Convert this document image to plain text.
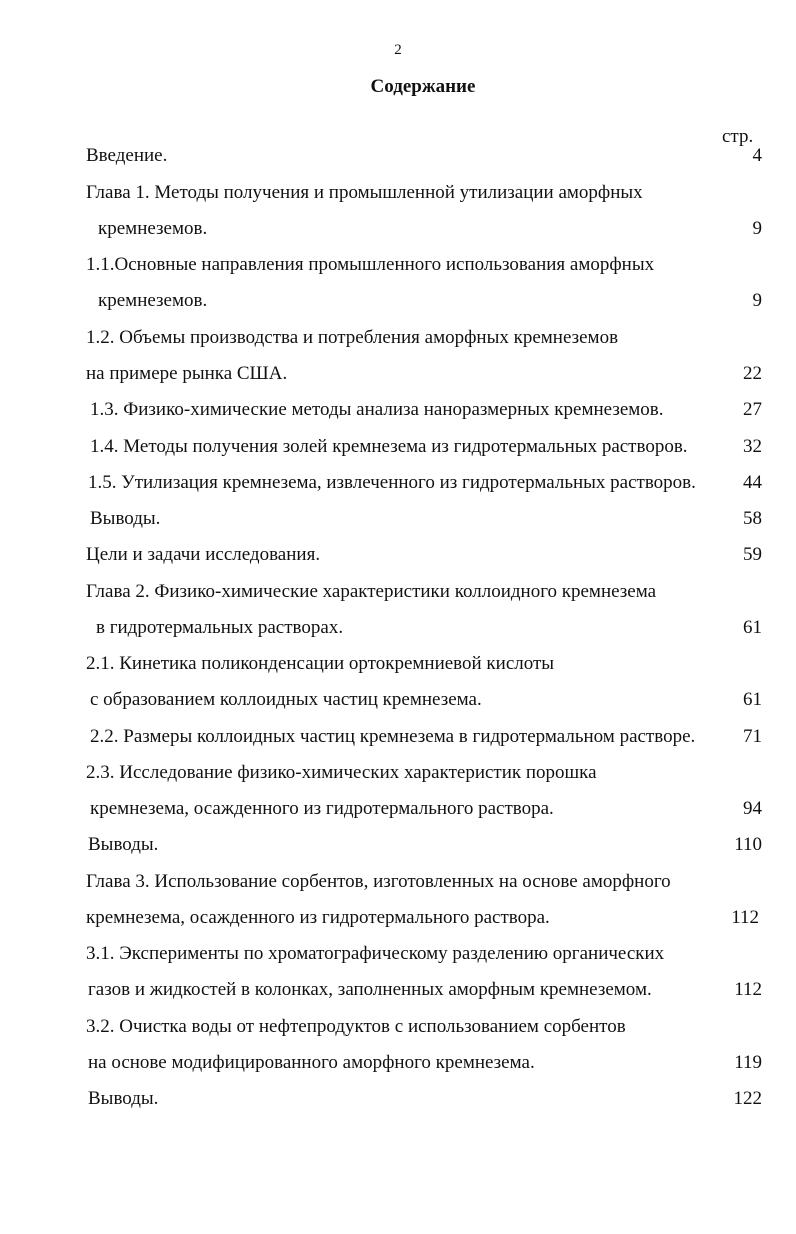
2
Содержание
стр.
Введение.	4
Глава 1. Методы получения и промышленной утилизации аморфных
кремнеземов.	9
1.1.Основные направления промышленного использования аморфных
кремнеземов.	9
1.2. Объемы производства и потребления аморфных кремнеземов
на примере рынка США.	22
1.3. Физико-химические методы анализа наноразмерных кремнеземов.	27
1.4. Методы получения золей кремнезема из гидротермальных растворов.	32
1.5. Утилизация кремнезема, извлеченного из гидротермальных растворов.	44
Выводы.	58
Цели и задачи исследования.	59
Глава 2. Физико-химические характеристики коллоидного кремнезема
в гидротермальных растворах.	61
2.1. Кинетика поликонденсации ортокремниевой кислоты
с образованием коллоидных частиц кремнезема.	61
2.2. Размеры коллоидных частиц кремнезема в гидротермальном растворе.	71
2.3. Исследование физико-химических характеристик порошка
кремнезема, осажденного из гидротермального раствора.	94
Выводы.	110
Глава 3. Использование сорбентов, изготовленных на основе аморфного
кремнезема, осажденного из гидротермального раствора.	112
3.1. Эксперименты по хроматографическому разделению органических
газов и жидкостей в колонках, заполненных аморфным кремнеземом.	112
3.2. Очистка воды от нефтепродуктов с использованием сорбентов
на основе модифицированного аморфного кремнезема.	119
Выводы.	122
